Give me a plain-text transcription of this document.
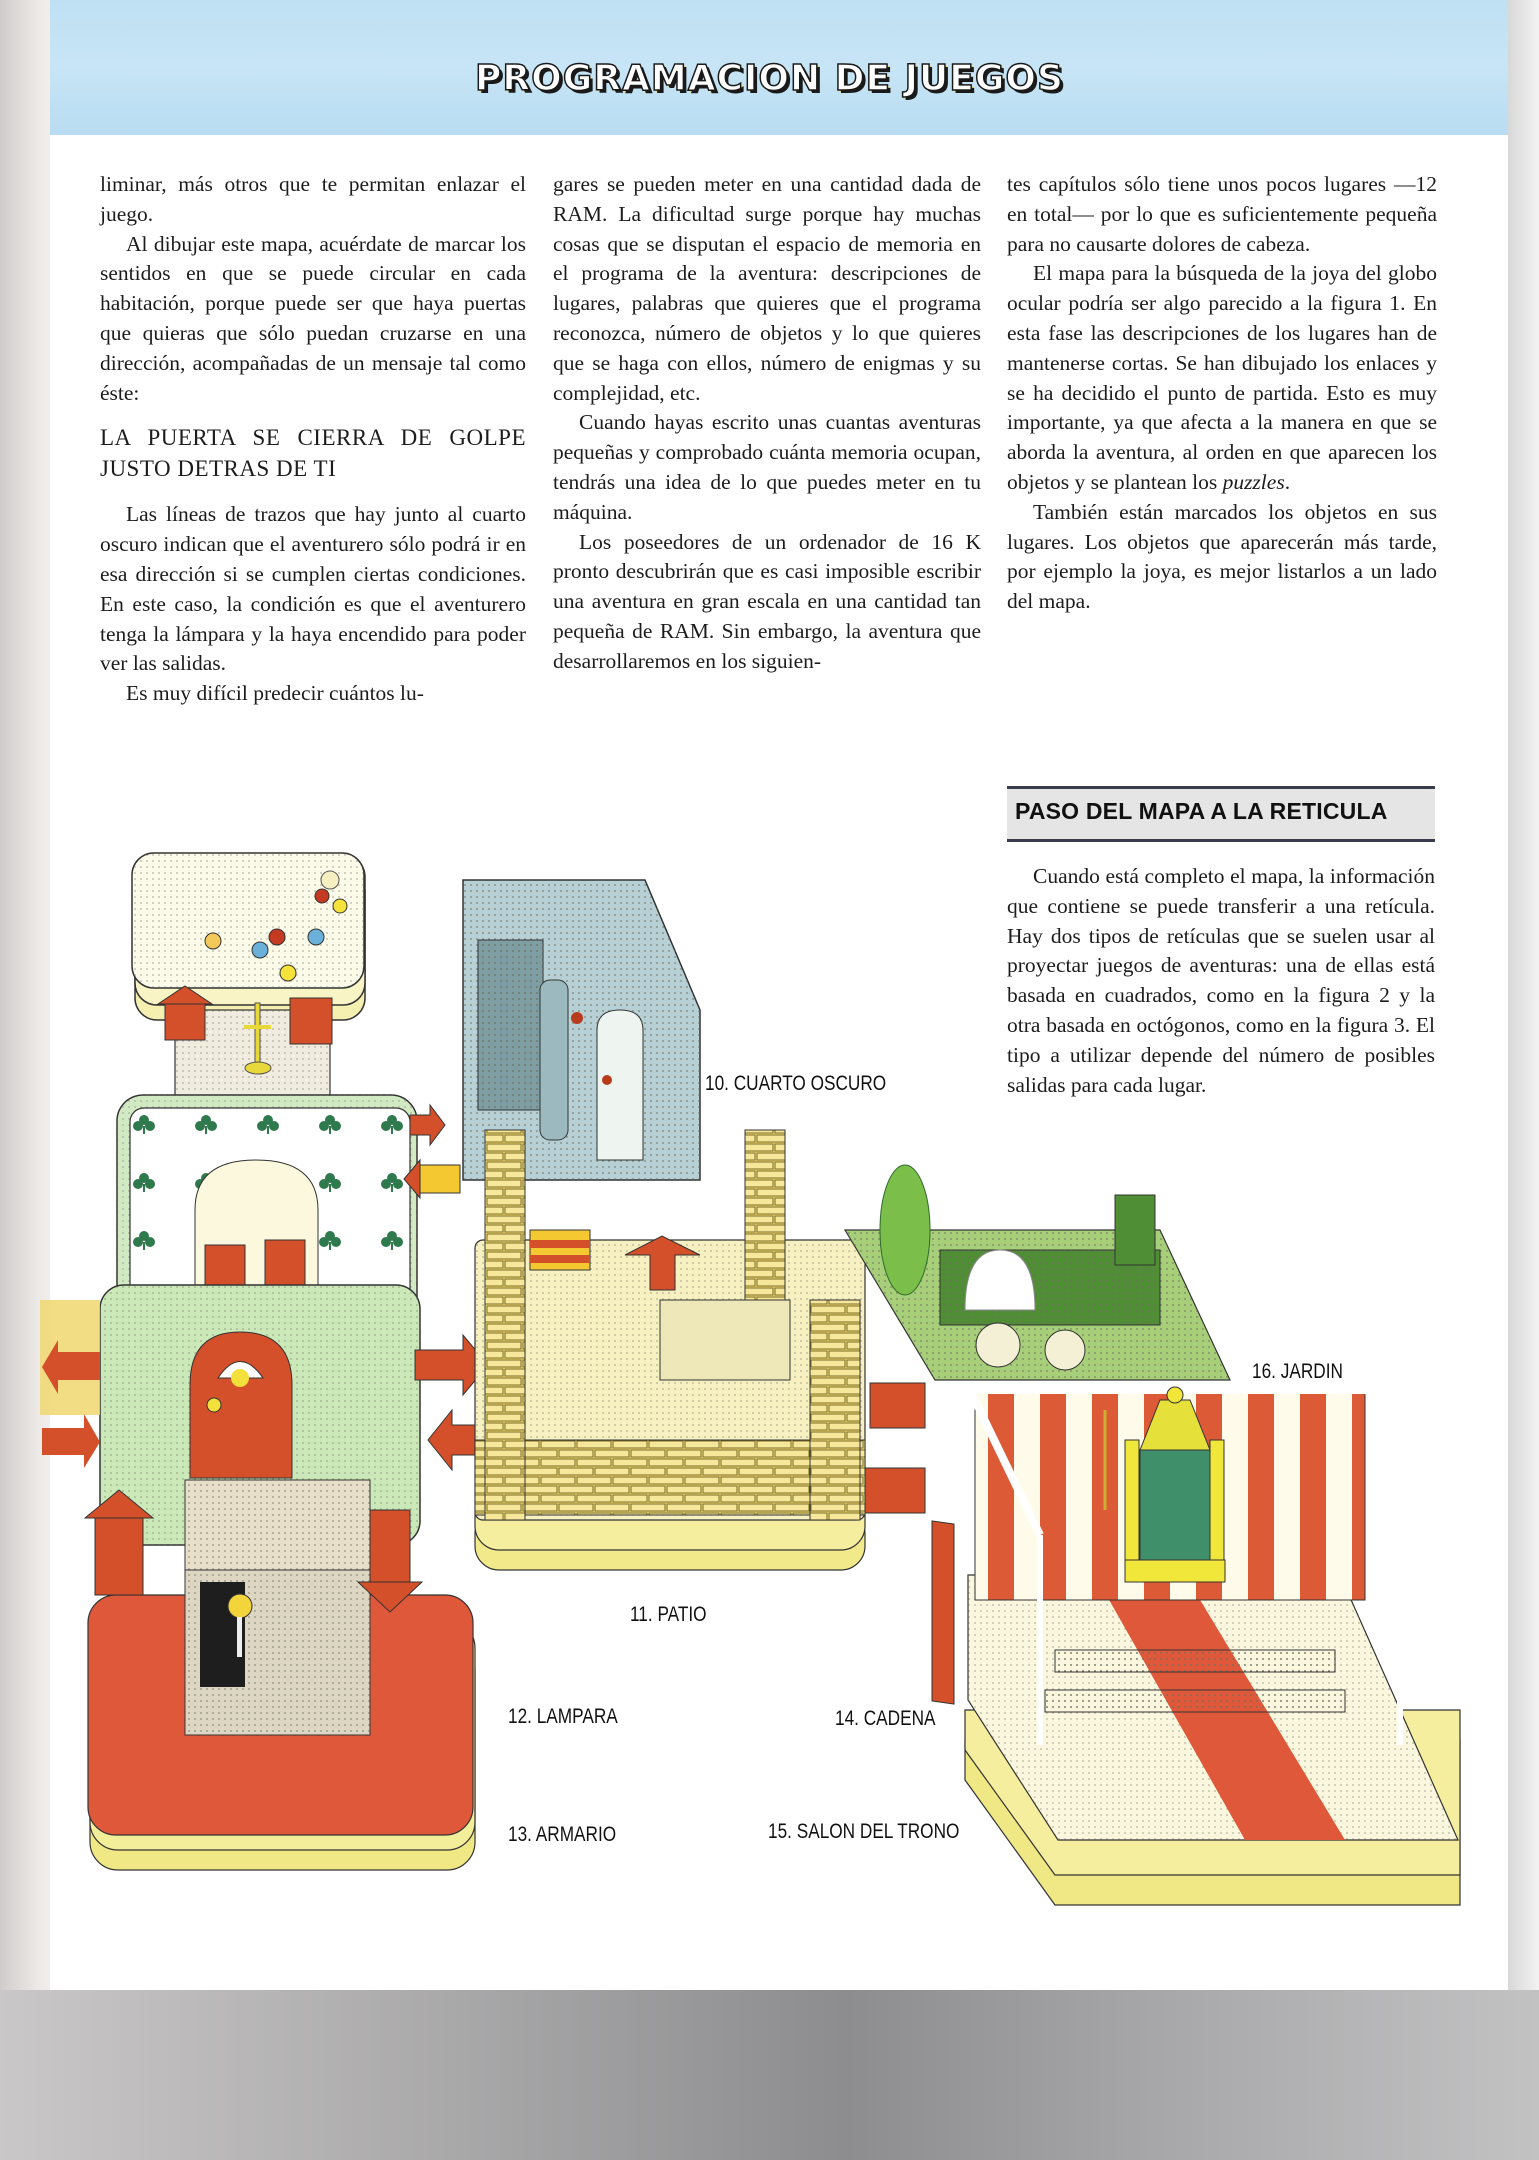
PROGRAMACION DE JUEGOS

liminar, más otros que te permitan enlazar el juego.

Al dibujar este mapa, acuérdate de marcar los sentidos en que se puede circular en cada habitación, porque puede ser que haya puertas que quieras que sólo puedan cruzarse en una dirección, acompañadas de un mensaje tal como éste:

LA PUERTA SE CIERRA DE GOLPE JUSTO DETRAS DE TI

Las líneas de trazos que hay junto al cuarto oscuro indican que el aventurero sólo podrá ir en esa dirección si se cumplen ciertas condiciones. En este caso, la condición es que el aventurero tenga la lámpara y la haya encendido para poder ver las salidas.

Es muy difícil predecir cuántos lu-

gares se pueden meter en una cantidad dada de RAM. La dificultad surge porque hay muchas cosas que se disputan el espacio de memoria en el programa de la aventura: descripciones de lugares, palabras que quieres que el programa reconozca, número de objetos y lo que quieres que se haga con ellos, número de enigmas y su complejidad, etc.

Cuando hayas escrito unas cuantas aventuras pequeñas y comprobado cuánta memoria ocupan, tendrás una idea de lo que puedes meter en tu máquina.

Los poseedores de un ordenador de 16 K pronto descubrirán que es casi imposible escribir una aventura en gran escala en una cantidad tan pequeña de RAM. Sin embargo, la aventura que desarrollaremos en los siguien-

tes capítulos sólo tiene unos pocos lugares —12 en total— por lo que es suficientemente pequeña para no causarte dolores de cabeza.

El mapa para la búsqueda de la joya del globo ocular podría ser algo parecido a la figura 1. En esta fase las descripciones de los lugares han de mantenerse cortas. Se han dibujado los enlaces y se ha decidido el punto de partida. Esto es muy importante, ya que afecta a la manera en que se aborda la aventura, al orden en que aparecen los objetos y se plantean los puzzles.

También están marcados los objetos en sus lugares. Los objetos que aparecerán más tarde, por ejemplo la joya, es mejor listarlos a un lado del mapa.

PASO DEL MAPA A LA RETICULA

Cuando está completo el mapa, la información que contiene se puede transferir a una retícula. Hay dos tipos de retículas que se suelen usar al proyectar juegos de aventuras: una de ellas está basada en cuadrados, como en la figura 2 y la otra basada en octógonos, como en la figura 3. El tipo a utilizar depende del número de posibles salidas para cada lugar.

10. CUARTO OSCURO
11. PATIO
12. LAMPARA
13. ARMARIO
14. CADENA
15. SALON DEL TRONO
16. JARDIN
